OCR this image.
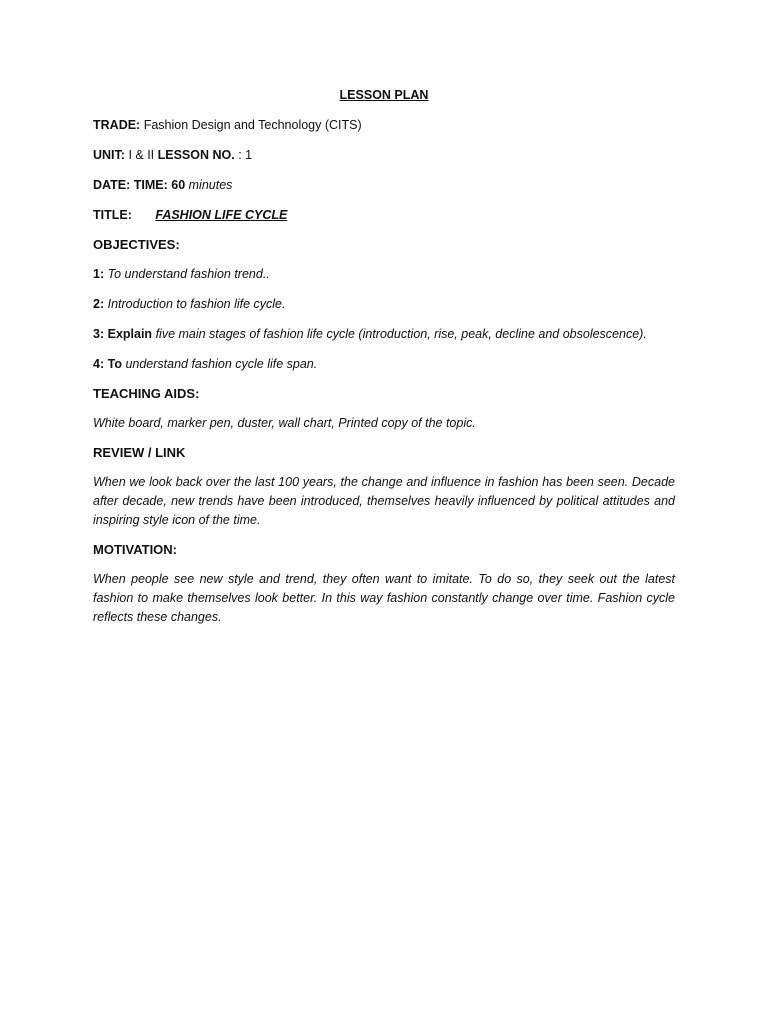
LESSON PLAN
TRADE: Fashion Design and Technology (CITS)
UNIT: I & II LESSON NO. : 1
DATE: TIME: 60 minutes
TITLE: FASHION LIFE CYCLE
OBJECTIVES:
1: To understand fashion trend..
2: Introduction to fashion life cycle.
3: Explain five main stages of fashion life cycle (introduction, rise, peak, decline and obsolescence).
4: To understand fashion cycle life span.
TEACHING AIDS:
White board, marker pen, duster, wall chart, Printed copy of the topic.
REVIEW / LINK
When we look back over the last 100 years, the change and influence in fashion has been seen. Decade after decade, new trends have been introduced, themselves heavily influenced by political attitudes and inspiring style icon of the time.
MOTIVATION:
When people see new style and trend, they often want to imitate. To do so, they seek out the latest fashion to make themselves look better. In this way fashion constantly change over time. Fashion cycle reflects these changes.
